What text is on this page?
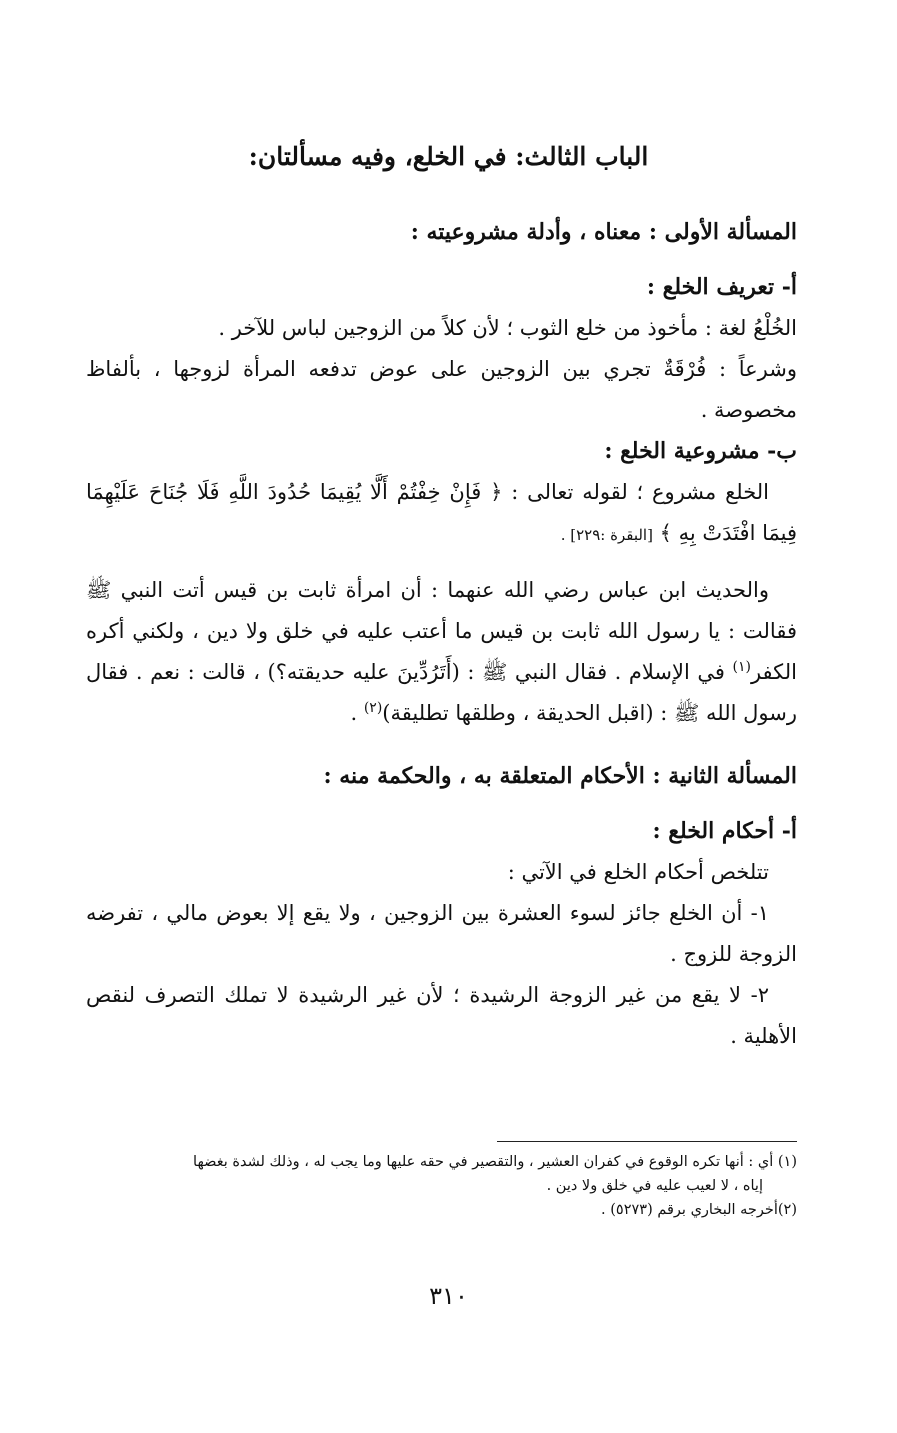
الباب الثالث: في الخلع، وفيه مسألتان:

المسألة الأولى : معناه ، وأدلة مشروعيته :

أ- تعريف الخلع :

الخُلْعُ لغة : مأخوذ من خلع الثوب ؛ لأن كلاً من الزوجين لباس للآخر .

وشرعاً : فُرْقَةٌ تجري بين الزوجين على عوض تدفعه المرأة لزوجها ، بألفاظ مخصوصة .

ب- مشروعية الخلع :

الخلع مشروع ؛ لقوله تعالى : ﴿ فَإِنْ خِفْتُمْ أَلَّا يُقِيمَا حُدُودَ اللَّهِ فَلَا جُنَاحَ عَلَيْهِمَا فِيمَا افْتَدَتْ بِهِ ﴾ [البقرة :٢٢٩] .

والحديث ابن عباس رضي الله عنهما : أن امرأة ثابت بن قيس أتت النبي ﷺ فقالت : يا رسول الله ثابت بن قيس ما أعتب عليه في خلق ولا دين ، ولكني أكره الكفر$^{(١)}$ في الإسلام . فقال النبي ﷺ : (أَتَرُدِّينَ عليه حديقته؟) ، قالت : نعم . فقال رسول الله ﷺ : (اقبل الحديقة ، وطلقها تطليقة)$^{(٢)}$ .

المسألة الثانية : الأحكام المتعلقة به ، والحكمة منه :

أ- أحكام الخلع :

تتلخص أحكام الخلع في الآتي :

١- أن الخلع جائز لسوء العشرة بين الزوجين ، ولا يقع إلا بعوض مالي ، تفرضه الزوجة للزوج .

٢- لا يقع من غير الزوجة الرشيدة ؛ لأن غير الرشيدة لا تملك التصرف لنقص الأهلية .

(١) أي : أنها تكره الوقوع في كفران العشير ، والتقصير في حقه عليها وما يجب له ، وذلك لشدة بغضها

إياه ، لا لعيب عليه في خلق ولا دين .

(٢)أخرجه البخاري برقم (٥٢٧٣) .

٣١٠
